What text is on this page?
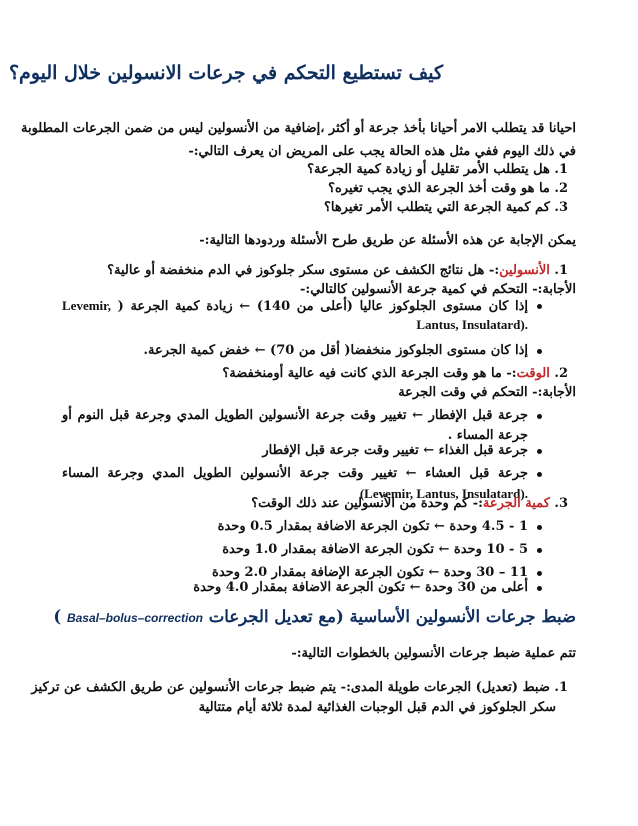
كيف تستطيع التحكم في جرعات الانسولين خلال اليوم؟
احيانا قد يتطلب الامر أحيانا بأخذ جرعة أو أكثر ،إضافية من الأنسولين ليس من ضمن الجرعات المطلوبة
في ذلك اليوم ففي مثل هذه الحالة يجب على المريض ان يعرف التالي:-
1. هل يتطلب الأمر تقليل أو زيادة كمية الجرعة؟
2. ما هو وقت أخذ الجرعة الذي يجب تغيره؟
3. كم كمية الجرعة التي يتطلب الأمر تغيرها؟
يمكن الإجابة عن هذه الأسئلة عن طريق طرح الأسئلة وردودها التالية:-
1. الأنسولين:- هل نتائج الكشف عن مستوى سكر جلوكوز في الدم منخفضة أو عالية؟
الأجابة:- التحكم في كمية جرعة الأنسولين كالتالي:-
إذا كان مستوى الجلوكوز عاليا (أعلى من 140) ← زيادة كمية الجرعة ( Levemir,
Lantus, Insulatard).
إذا كان مستوى الجلوكوز منخفضا( أقل من 70) ← خفض كمية الجرعة.
2. الوقت:- ما هو وقت الجرعة الذي كانت فيه عالية أومنخفضة؟
الأجابة:- التحكم في وقت الجرعة
جرعة قبل الإفطار ← تغيير وقت جرعة الأنسولين الطويل المدي وجرعة قبل النوم أو
جرعة المساء .
جرعة قبل الغذاء ← تغيير وقت جرعة قبل الإفطار
جرعة قبل العشاء ← تغيير وقت جرعة الأنسولين الطويل المدي وجرعة المساء
(Levemir, Lantus, Insulatard).
3. كمية الجرعة:- كم وحدة من الأنسولين عند ذلك الوقت؟
1 - 4.5 وحدة ← تكون الجرعة الاضافة بمقدار 0.5 وحدة
5 - 10 وحدة ← تكون الجرعة الاضافة بمقدار 1.0 وحدة
11 – 30 وحدة ← تكون الجرعة الإضافة بمقدار 2.0 وحدة
أعلى من 30 وحدة ← تكون الجرعة الاضافة بمقدار 4.0 وحدة
ضبط جرعات الأنسولين الأساسية (مع تعديل الجرعات Basal–bolus–correction )
تتم عملية ضبط جرعات الأنسولين بالخطوات التالية:-
1. ضبط (تعديل) الجرعات طويلة المدى:- يتم ضبط جرعات الأنسولين عن طريق الكشف عن تركيز
سكر الجلوكوز في الدم قبل الوجبات الغذائية لمدة ثلاثة أيام متتالية
